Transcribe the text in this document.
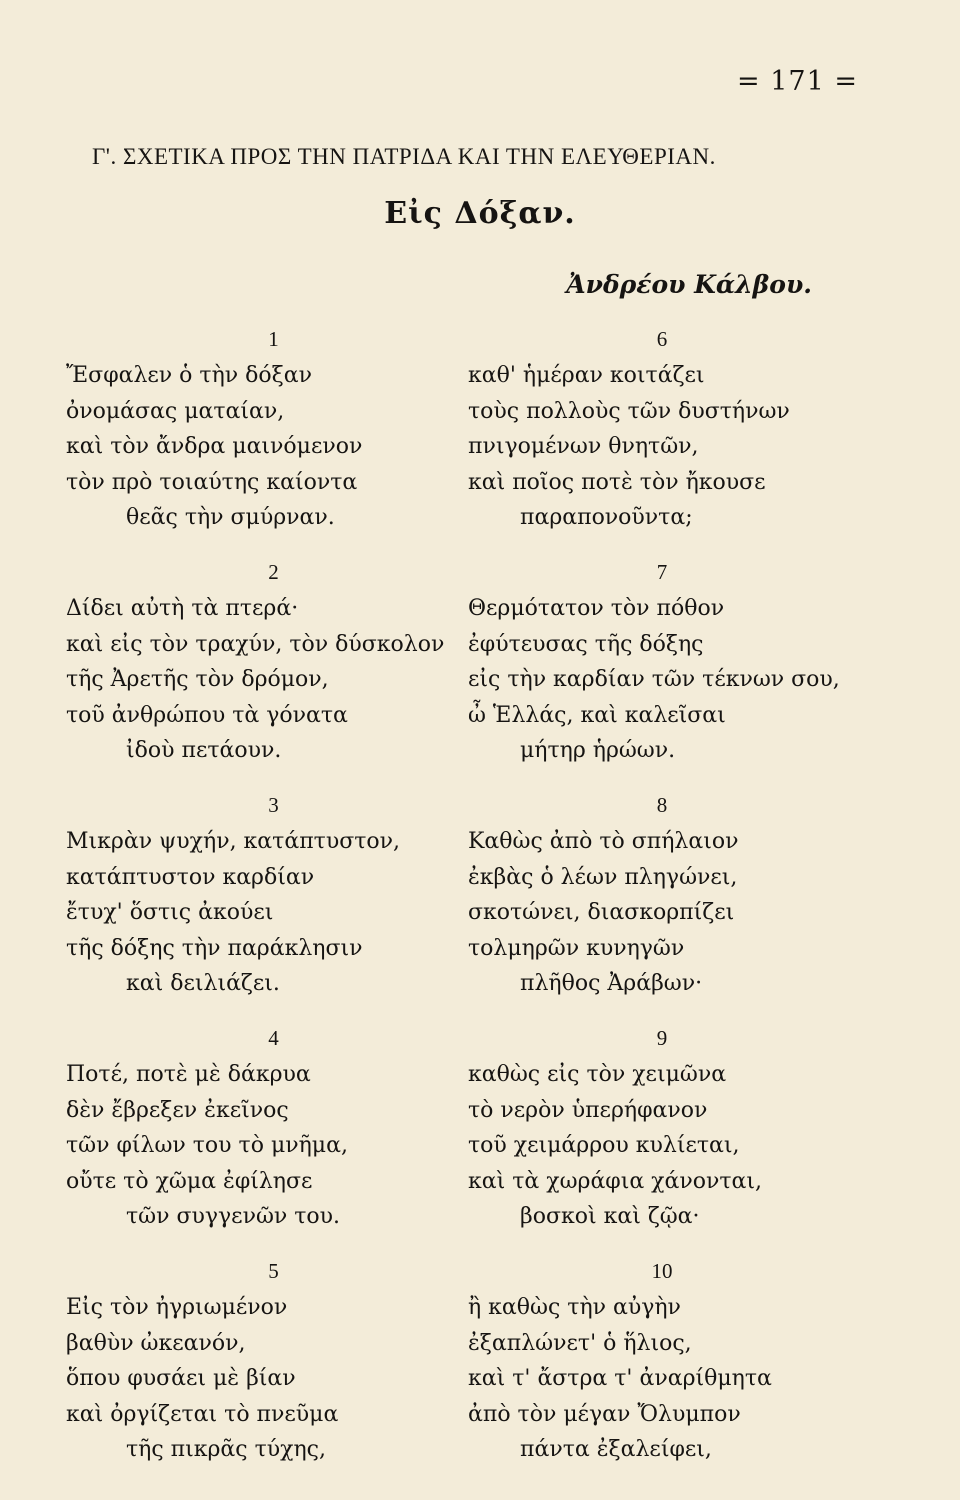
= 171 =
Γ'. ΣΧΕΤΙΚΑ ΠΡΟΣ ΤΗΝ ΠΑΤΡΙΔΑ ΚΑΙ ΤΗΝ ΕΛΕΥΘΕΡΙΑΝ.
Εἰς Δόξαν.
Ἀνδρέου Κάλβου.
1
Ἔσφαλεν ὁ τὴν δόξαν
ὀνομάσας ματαίαν,
καὶ τὸν ἄνδρα μαινόμενον
τὸν πρὸ τοιαύτης καίοντα
θεᾶς τὴν σμύρναν.
2
Δίδει αὐτὴ τὰ πτερά·
καὶ εἰς τὸν τραχύν, τὸν δύσκολον
τῆς Ἀρετῆς τὸν δρόμον,
τοῦ ἀνθρώπου τὰ γόνατα
ἰδοὺ πετάουν.
3
Μικρὰν ψυχήν, κατάπτυστον,
κατάπτυστον καρδίαν
ἔτυχ' ὅστις ἀκούει
τῆς δόξης τὴν παράκλησιν
καὶ δειλιάζει.
4
Ποτέ, ποτὲ μὲ δάκρυα
δὲν ἔβρεξεν ἐκεῖνος
τῶν φίλων του τὸ μνῆμα,
οὔτε τὸ χῶμα ἐφίλησε
τῶν συγγενῶν του.
5
Εἰς τὸν ἠγριωμένον
βαθὺν ὠκεανόν,
ὅπου φυσάει μὲ βίαν
καὶ ὀργίζεται τὸ πνεῦμα
τῆς πικρᾶς τύχης,
6
καθ' ἡμέραν κοιτάζει
τοὺς πολλοὺς τῶν δυστήνων
πνιγομένων θνητῶν,
καὶ ποῖος ποτὲ τὸν ἤκουσε
παραπονοῦντα;
7
Θερμότατον τὸν πόθον
ἐφύτευσας τῆς δόξης
εἰς τὴν καρδίαν τῶν τέκνων σου,
ὦ Ἑλλάς, καὶ καλεῖσαι
μήτηρ ἡρώων.
8
Καθὼς ἀπὸ τὸ σπήλαιον
ἐκβὰς ὁ λέων πληγώνει,
σκοτώνει, διασκορπίζει
τολμηρῶν κυνηγῶν
πλῆθος Ἀράβων·
9
καθὼς εἰς τὸν χειμῶνα
τὸ νερὸν ὑπερήφανον
τοῦ χειμάρρου κυλίεται,
καὶ τὰ χωράφια χάνονται,
βοσκοὶ καὶ ζῷα·
10
ἢ καθὼς τὴν αὐγὴν
ἐξαπλώνετ' ὁ ἥλιος,
καὶ τ' ἄστρα τ' ἀναρίθμητα
ἀπὸ τὸν μέγαν Ὄλυμπον
πάντα ἐξαλείφει,
